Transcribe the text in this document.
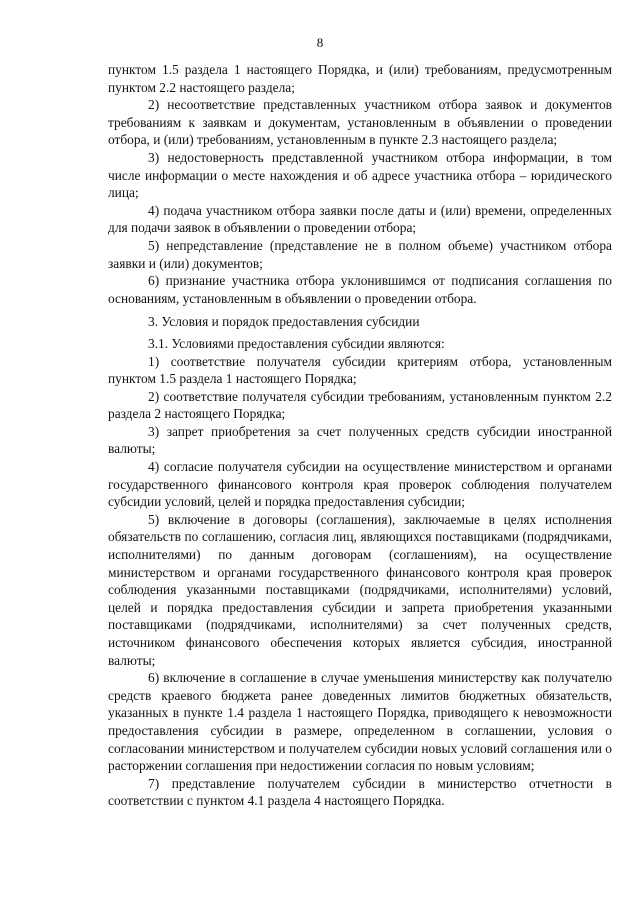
8

пунктом 1.5 раздела 1 настоящего Порядка, и (или) требованиям, предусмотренным пунктом 2.2 настоящего раздела;

2) несоответствие представленных участником отбора заявок и документов требованиям к заявкам и документам, установленным в объявлении о проведении отбора, и (или) требованиям, установленным в пункте 2.3 настоящего раздела;

3) недостоверность представленной участником отбора информации, в том числе информации о месте нахождения и об адресе участника отбора – юридического лица;

4) подача участником отбора заявки после даты и (или) времени, определенных для подачи заявок в объявлении о проведении отбора;

5) непредставление (представление не в полном объеме) участником отбора заявки и (или) документов;

6) признание участника отбора уклонившимся от подписания соглашения по основаниям, установленным в объявлении о проведении отбора.

3. Условия и порядок предоставления субсидии

3.1. Условиями предоставления субсидии являются:

1) соответствие получателя субсидии критериям отбора, установленным пунктом 1.5 раздела 1 настоящего Порядка;

2) соответствие получателя субсидии требованиям, установленным пунктом 2.2 раздела 2 настоящего Порядка;

3) запрет приобретения за счет полученных средств субсидии иностранной валюты;

4) согласие получателя субсидии на осуществление министерством и органами государственного финансового контроля края проверок соблюдения получателем субсидии условий, целей и порядка предоставления субсидии;

5) включение в договоры (соглашения), заключаемые в целях исполнения обязательств по соглашению, согласия лиц, являющихся поставщиками (подрядчиками, исполнителями) по данным договорам (соглашениям), на осуществление министерством и органами государственного финансового контроля края проверок соблюдения указанными поставщиками (подрядчиками, исполнителями) условий, целей и порядка предоставления субсидии и запрета приобретения указанными поставщиками (подрядчиками, исполнителями) за счет полученных средств, источником финансового обеспечения которых является субсидия, иностранной валюты;

6) включение в соглашение в случае уменьшения министерству как получателю средств краевого бюджета ранее доведенных лимитов бюджетных обязательств, указанных в пункте 1.4 раздела 1 настоящего Порядка, приводящего к невозможности предоставления субсидии в размере, определенном в соглашении, условия о согласовании министерством и получателем субсидии новых условий соглашения или о расторжении соглашения при недостижении согласия по новым условиям;

7) представление получателем субсидии в министерство отчетности в соответствии с пунктом 4.1 раздела 4 настоящего Порядка.
